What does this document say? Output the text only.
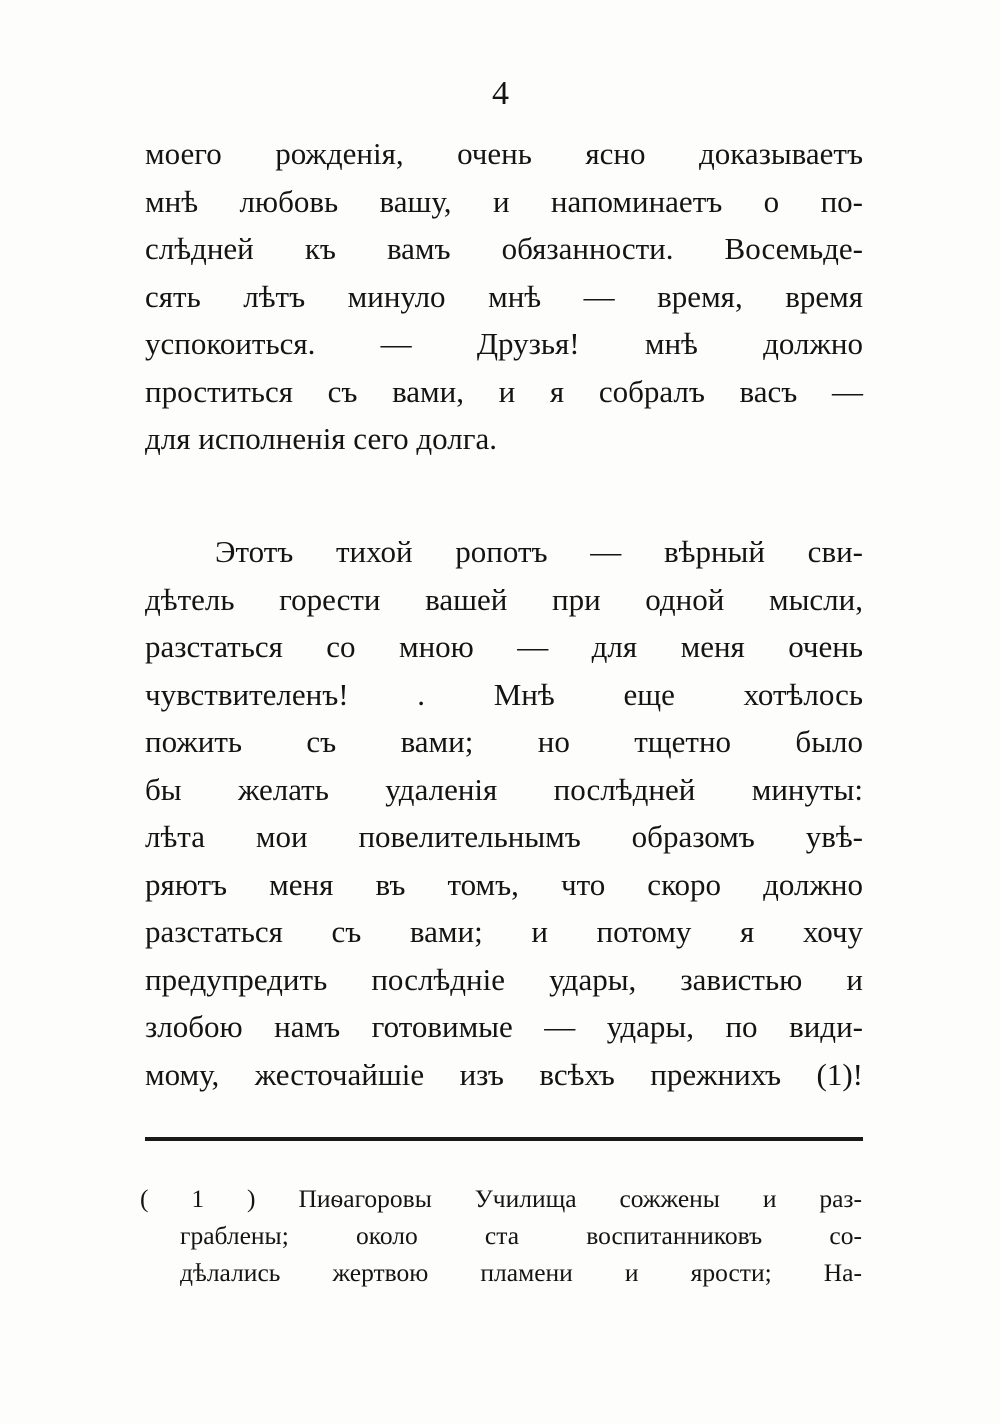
4

моего рожденія, очень ясно доказываетъ
мнѣ любовь вашу, и напоминаетъ о по-
слѣдней къ вамъ обязанности. Восемьде-
сять лѣтъ минуло мнѣ — время, время
успокоиться. — Друзья! мнѣ должно
проститься съ вами, и я собралъ васъ —
для исполненія сего долга.

Этотъ тихой ропотъ — вѣрный сви-
дѣтель горести вашей при одной мысли,
разстаться со мною — для меня очень
чувствителенъ! . Мнѣ еще хотѣлось
пожить съ вами; но тщетно было
бы желать удаленія послѣдней минуты:
лѣта мои повелительнымъ образомъ увѣ-
ряютъ меня въ томъ, что скоро должно
разстаться съ вами; и потому я хочу
предупредить послѣдніе удары, завистью и
злобою намъ готовимые — удары, по види-
мому, жесточайшіе изъ всѣхъ прежнихъ (1)!

( 1 ) Пиѳагоровы Училища сожжены и раз-
граблены; около ста воспитанниковъ со-
дѣлались жертвою пламени и ярости; На-
